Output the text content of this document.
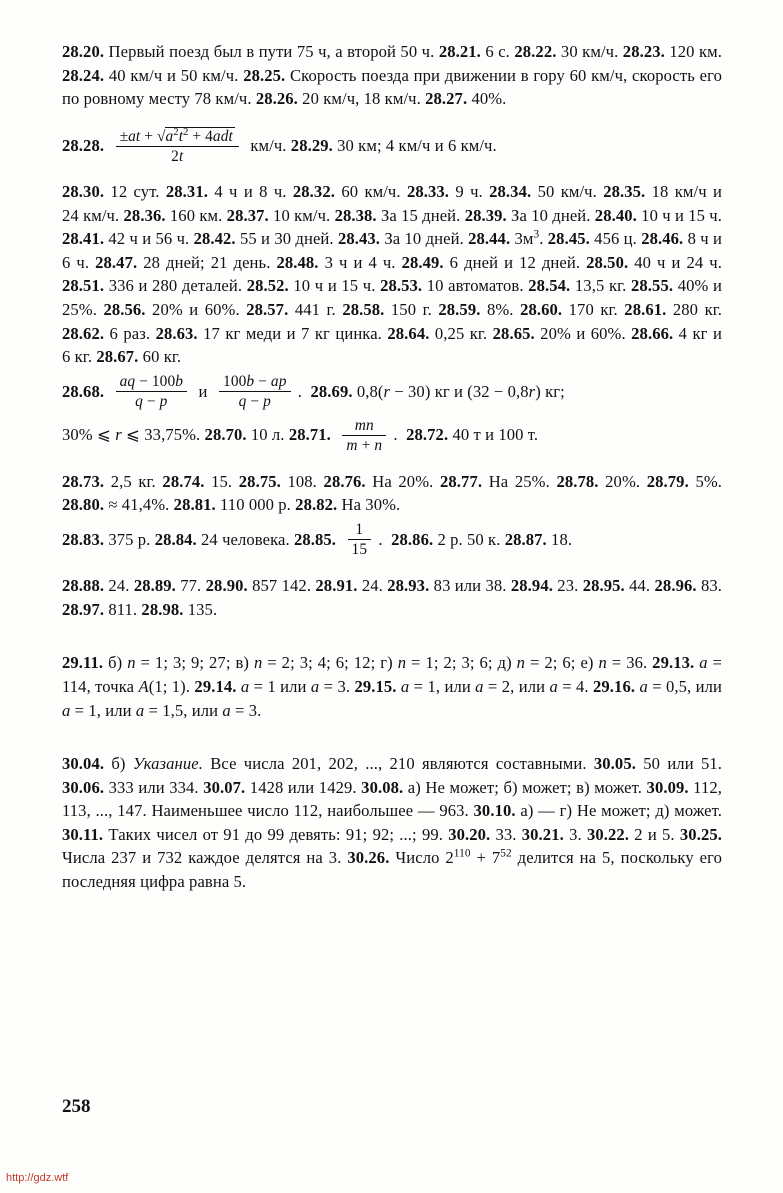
28.20. Первый поезд был в пути 75 ч, а второй 50 ч. 28.21. 6 с. 28.22. 30 км/ч. 28.23. 120 км. 28.24. 40 км/ч и 50 км/ч. 28.25. Скорость поезда при движении в гору 60 км/ч, скорость его по ровному месту 78 км/ч. 28.26. 20 км/ч, 18 км/ч. 28.27. 40%.

28.28. $\frac{\pm at + √a^2t^2 + 4adt}{2t} км/ч$. 28.29. 30 км; 4 км/ч и 6 км/ч.

28.30. 12 сут. 28.31. 4 ч и 8 ч. 28.32. 60 км/ч. 28.33. 9 ч. 28.34. 50 км/ч. 28.35. 18 км/ч и 24 км/ч. 28.36. 160 км. 28.37. 10 км/ч. 28.38. За 15 дней. 28.39. За 10 дней. 28.40. 10 ч и 15 ч. 28.41. 42 ч и 56 ч. 28.42. 55 и 30 дней. 28.43. За 10 дней. 28.44. $3м^3$. 28.45. 456 ц. 28.46. 8 ч и 6 ч. 28.47. 28 дней; 21 день. 28.48. 3 ч и 4 ч. 28.49. 6 дней и 12 дней. 28.50. 40 ч и 24 ч. 28.51. 336 и 280 деталей. 28.52. 10 ч и 15 ч. 28.53. 10 автоматов. 28.54. 13,5 кг. 28.55. 40% и 25%. 28.56. 20% и 60%. 28.57. 441 г. 28.58. 150 г. 28.59. 8%. 28.60. 170 кг. 28.61. 280 кг. 28.62. 6 раз. 28.63. 17 кг меди и 7 кг цинка. 28.64. 0,25 кг. 28.65. 20% и 60%. 28.66. 4 кг и 6 кг. 28.67. 60 кг.

28.68. $\frac{aq - 100b}{q - p}$ и $\frac{100b - ap}{q - p}$ .  28.69. 0,8(r − 30) кг и (32 − 0,8r) кг;

30% ⩽ r ⩽ 33,75%. 28.70. 10 л. 28.71. $\frac{mn}{m + n}$ .  28.72. 40 т и 100 т.

28.73. 2,5 кг. 28.74. 15. 28.75. 108. 28.76. На 20%. 28.77. На 25%. 28.78. 20%. 28.79. 5%. 28.80. ≈ 41,4%. 28.81. 110 000 р. 28.82. На 30%.

28.83. 375 р. 28.84. 24 человека. 28.85. $\frac{1}{15}$ .  28.86. 2 р. 50 к. 28.87. 18.

28.88. 24. 28.89. 77. 28.90. 857 142. 28.91. 24. 28.93. 83 или 38. 28.94. 23. 28.95. 44. 28.96. 83. 28.97. 811. 28.98. 135.

29.11. б) n = 1; 3; 9; 27; в) n = 2; 3; 4; 6; 12; г) n = 1; 2; 3; 6; д) n = 2; 6; е) n = 36. 29.13. a = 114, точка A(1; 1). 29.14. a = 1 или a = 3. 29.15. a = 1, или a = 2, или a = 4. 29.16. a = 0,5, или a = 1, или a = 1,5, или a = 3.

30.04. б) Указание. Все числа 201, 202, ..., 210 являются составными. 30.05. 50 или 51. 30.06. 333 или 334. 30.07. 1428 или 1429. 30.08. а) Не может; б) может; в) может. 30.09. 112, 113, ..., 147. Наименьшее число 112, наибольшее — 963. 30.10. а) — г) Не может; д) может. 30.11. Таких чисел от 91 до 99 девять: 91; 92; ...; 99. 30.20. 33. 30.21. 3. 30.22. 2 и 5. 30.25. Числа 237 и 732 каждое делятся на 3. 30.26. Число $2^{110} + 7^{52}$ делится на 5, поскольку его последняя цифра равна 5.

258
http://gdz.wtf
